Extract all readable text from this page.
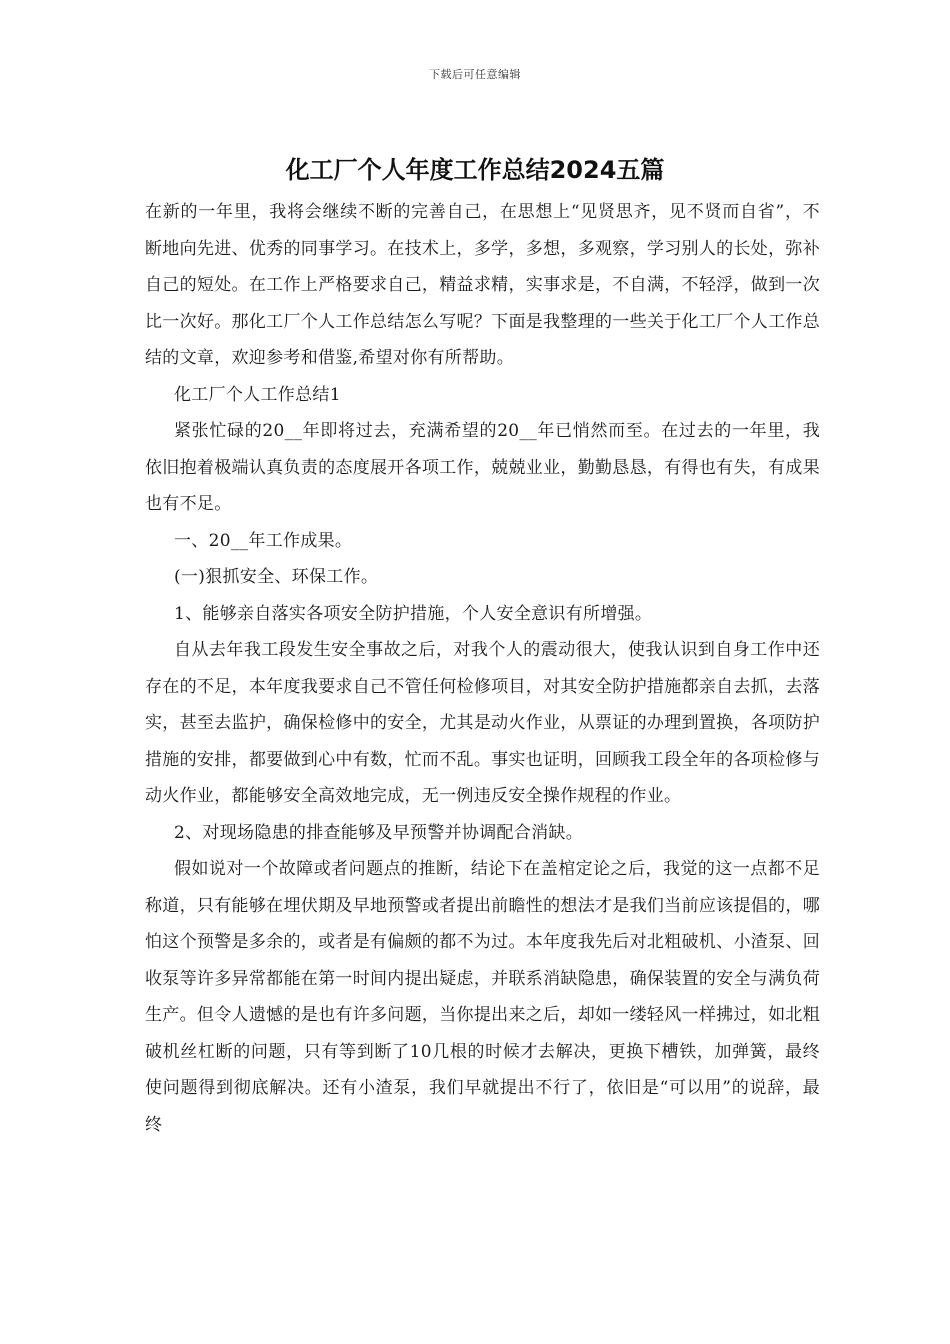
下载后可任意编辑
化工厂个人年度工作总结2024五篇

在新的一年里，我将会继续不断的完善自己，在思想上“见贤思齐，见不贤而自省”，不断地向先进、优秀的同事学习。在技术上，多学，多想，多观察，学习别人的长处，弥补自己的短处。在工作上严格要求自己，精益求精，实事求是，不自满，不轻浮，做到一次比一次好。那化工厂个人工作总结怎么写呢？下面是我整理的一些关于化工厂个人工作总结的文章，欢迎参考和借鉴,希望对你有所帮助。

化工厂个人工作总结1

紧张忙碌的20__年即将过去，充满希望的20__年已悄然而至。在过去的一年里，我依旧抱着极端认真负责的态度展开各项工作，兢兢业业，勤勤恳恳，有得也有失，有成果也有不足。

一、20__年工作成果。

(一)狠抓安全、环保工作。

1、能够亲自落实各项安全防护措施，个人安全意识有所增强。

自从去年我工段发生安全事故之后，对我个人的震动很大，使我认识到自身工作中还存在的不足，本年度我要求自己不管任何检修项目，对其安全防护措施都亲自去抓，去落实，甚至去监护，确保检修中的安全，尤其是动火作业，从票证的办理到置换，各项防护措施的安排，都要做到心中有数，忙而不乱。事实也证明，回顾我工段全年的各项检修与动火作业，都能够安全高效地完成，无一例违反安全操作规程的作业。

2、对现场隐患的排查能够及早预警并协调配合消缺。

假如说对一个故障或者问题点的推断，结论下在盖棺定论之后，我觉的这一点都不足称道，只有能够在埋伏期及早地预警或者提出前瞻性的想法才是我们当前应该提倡的，哪怕这个预警是多余的，或者是有偏颇的都不为过。本年度我先后对北粗破机、小渣泵、回收泵等许多异常都能在第一时间内提出疑虑，并联系消缺隐患，确保装置的安全与满负荷生产。但令人遗憾的是也有许多问题，当你提出来之后，却如一缕轻风一样拂过，如北粗破机丝杠断的问题，只有等到断了10几根的时候才去解决，更换下槽铁，加弹簧，最终使问题得到彻底解决。还有小渣泵，我们早就提出不行了，依旧是“可以用”的说辞，最终
